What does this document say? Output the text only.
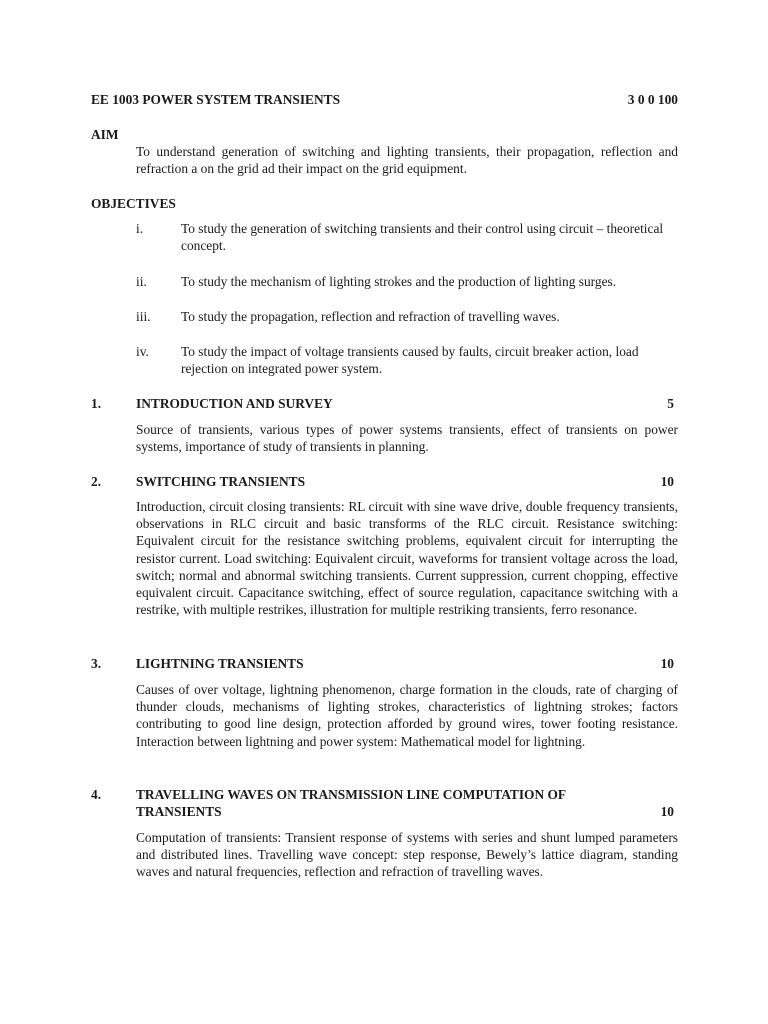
EE 1003 POWER SYSTEM TRANSIENTS	3 0 0 100
AIM
To understand generation of switching and lighting transients, their propagation, reflection and refraction a on the grid ad their impact on the grid equipment.
OBJECTIVES
i.	To study the generation of switching transients and their control using circuit – theoretical concept.
ii.	To study the mechanism of lighting strokes and the production of lighting surges.
iii. To study the propagation, reflection and refraction of travelling waves.
iv. To study the impact of voltage transients caused by faults, circuit breaker action, load rejection on integrated power system.
1.	INTRODUCTION AND SURVEY	5
Source of transients, various types of power systems transients, effect of transients on power systems, importance of study of transients in planning.
2.	SWITCHING TRANSIENTS	10
Introduction, circuit closing transients: RL circuit with sine wave drive, double frequency transients, observations in RLC circuit and basic transforms of the RLC circuit. Resistance switching: Equivalent circuit for the resistance switching problems, equivalent circuit for interrupting the resistor current. Load switching: Equivalent circuit, waveforms for transient voltage across the load, switch; normal and abnormal switching transients. Current suppression, current chopping, effective equivalent circuit. Capacitance switching, effect of source regulation, capacitance switching with a restrike, with multiple restrikes, illustration for multiple restriking transients, ferro resonance.
3.	LIGHTNING TRANSIENTS	10
Causes of over voltage, lightning phenomenon, charge formation in the clouds, rate of charging of thunder clouds, mechanisms of lighting strokes, characteristics of lightning strokes; factors contributing to good line design, protection afforded by ground wires, tower footing resistance. Interaction between lightning and power system: Mathematical model for lightning.
4.	TRAVELLING WAVES ON TRANSMISSION LINE COMPUTATION OF
TRANSIENTS	10
Computation of transients: Transient response of systems with series and shunt lumped parameters and distributed lines. Travelling wave concept: step response, Bewely’s lattice diagram, standing waves and natural frequencies, reflection and refraction of travelling waves.
